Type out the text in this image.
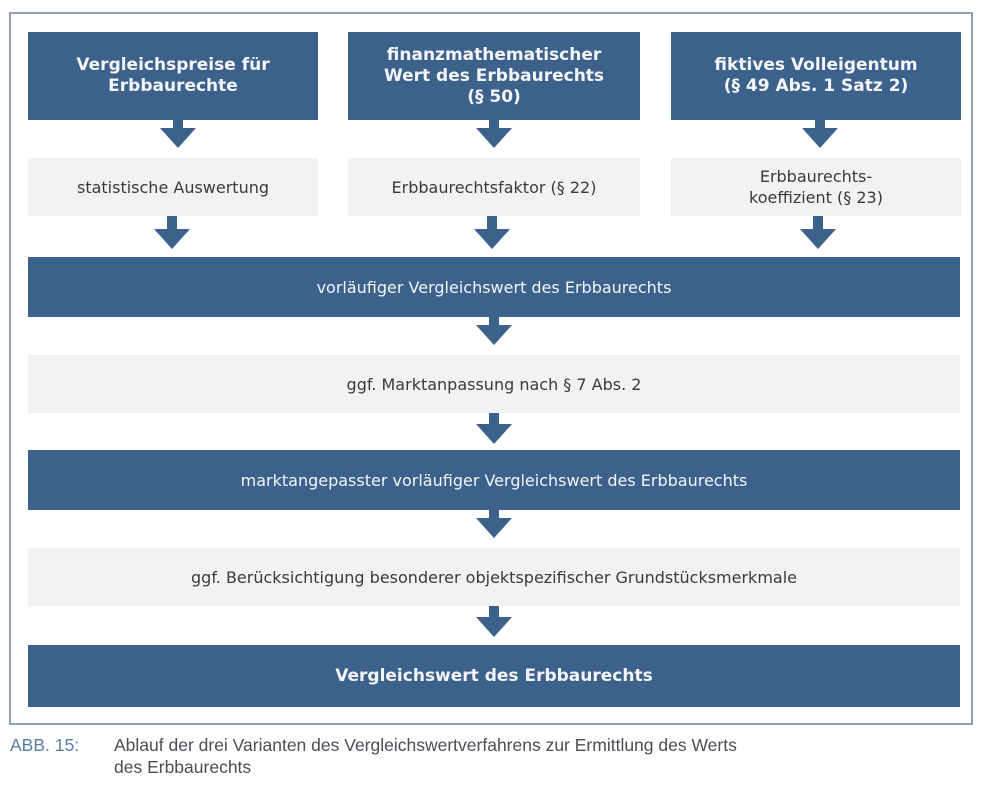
Vergleichspreise für
Erbbaurechte
finanzmathematischer
Wert des Erbbaurechts
(§ 50)
fiktives Volleigentum
(§ 49 Abs. 1 Satz 2)
statistische Auswertung	Erbbaurechtsfaktor (§ 22)
Erbbaurechts-
koeffizient (§ 23)
vorläufiger Vergleichswert des Erbbaurechts
ggf. Marktanpassung nach § 7 Abs. 2
marktangepasster vorläufiger Vergleichswert des Erbbaurechts
ggf. Berücksichtigung besonderer objektspezifischer Grundstücksmerkmale
Vergleichswert des Erbbaurechts
ABB. 15: Ablauf der drei Varianten des Vergleichswertverfahrens zur Ermittlung des Werts
des Erbbaurechts
